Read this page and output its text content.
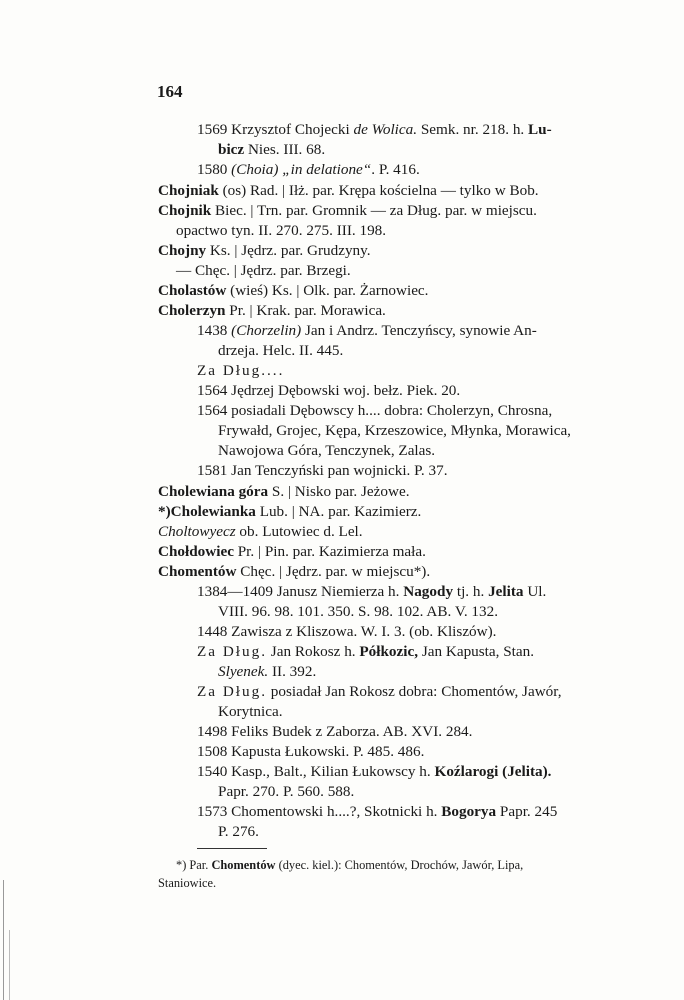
164
1569 Krzysztof Chojecki de Wolica. Semk. nr. 218. h. Lu-
bicz Nies. III. 68.
1580 (Choia) „in delatione“. P. 416.
Chojniak (os) Rad. | Iłż. par. Krępa kościelna — tylko w Bob.
Chojnik Biec. | Trn. par. Gromnik — za Dług. par. w miejscu.
opactwo tyn. II. 270. 275. III. 198.
Chojny Ks. | Jędrz. par. Grudzyny.
— Chęc. | Jędrz. par. Brzegi.
Cholastów (wieś) Ks. | Olk. par. Żarnowiec.
Cholerzyn Pr. | Krak. par. Morawica.
1438 (Chorzelin) Jan i Andrz. Tenczyńscy, synowie An-
drzeja. Helc. II. 445.
Za Dług....
1564 Jędrzej Dębowski woj. bełz. Piek. 20.
1564 posiadali Dębowscy h.... dobra: Cholerzyn, Chrosna,
Frywałd, Grojec, Kępa, Krzeszowice, Młynka, Morawica,
Nawojowa Góra, Tenczynek, Zalas.
1581 Jan Tenczyński pan wojnicki. P. 37.
Cholewiana góra S. | Nisko par. Jeżowe.
*)Cholewianka Lub. | NA. par. Kazimierz.
Choltowyecz ob. Lutowiec d. Lel.
Chołdowiec Pr. | Pin. par. Kazimierza mała.
Chomentów Chęc. | Jędrz. par. w miejscu*).
1384—1409 Janusz Niemierza h. Nagody tj. h. Jelita Ul.
VIII. 96. 98. 101. 350. S. 98. 102. AB. V. 132.
1448 Zawisza z Kliszowa. W. I. 3. (ob. Kliszów).
Za Dług. Jan Rokosz h. Półkozic, Jan Kapusta, Stan.
Slyenek. II. 392.
Za Dług. posiadał Jan Rokosz dobra: Chomentów, Jawór,
Korytnica.
1498 Feliks Budek z Zaborza. AB. XVI. 284.
1508 Kapusta Łukowski. P. 485. 486.
1540 Kasp., Balt., Kilian Łukowscy h. Koźlarogi (Jelita).
Papr. 270. P. 560. 588.
1573 Chomentowski h....?, Skotnicki h. Bogorya Papr. 245
P. 276.
*) Par. Chomentów (dyec. kiel.): Chomentów, Drochów, Jawór, Lipa,
Staniowice.
